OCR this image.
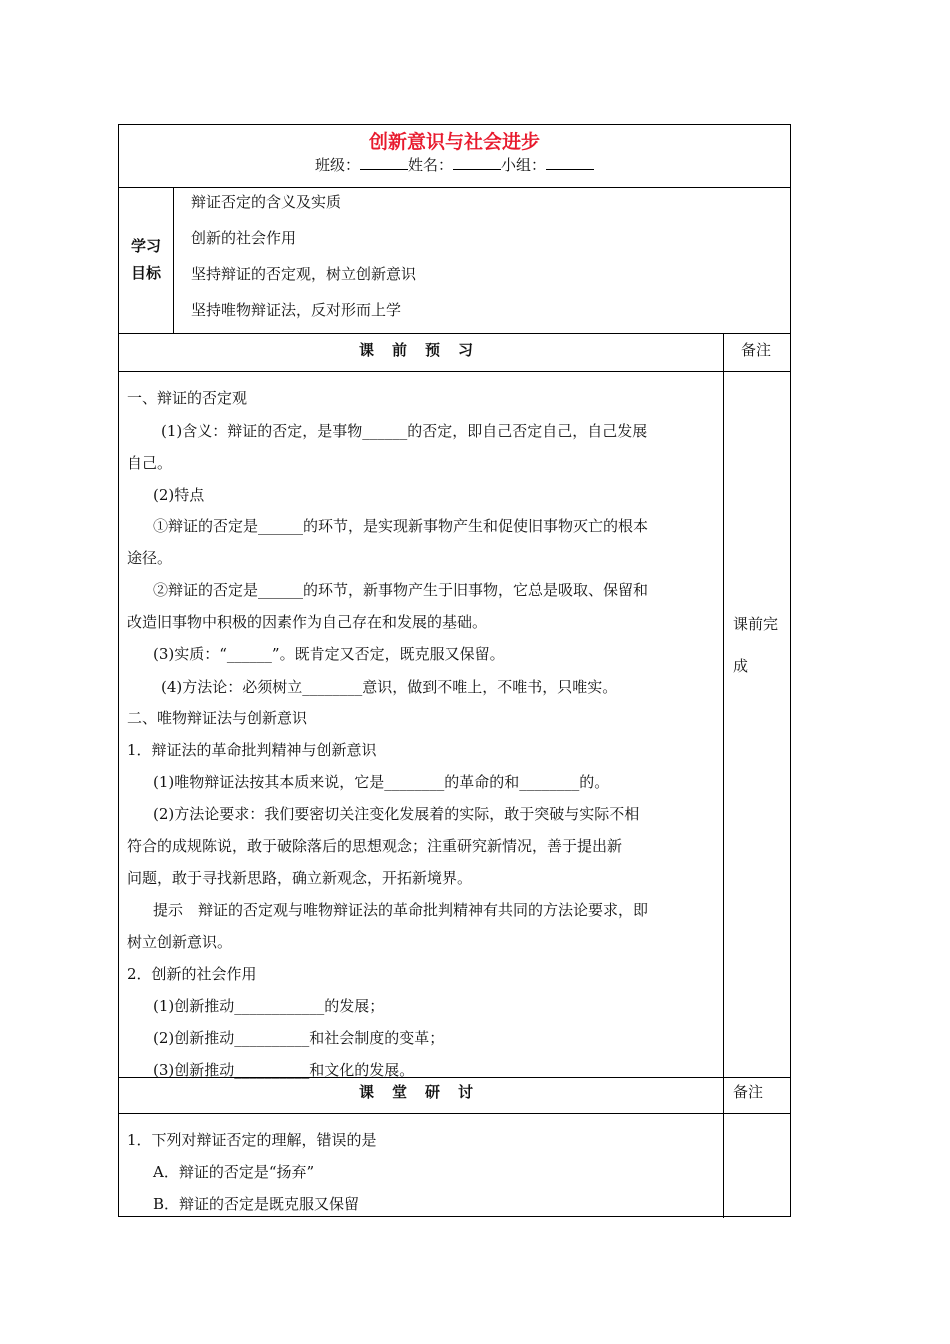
创新意识与社会进步
班级：	姓名：	小组：
学习
目标
辩证否定的含义及实质
创新的社会作用
坚持辩证的否定观，树立创新意识
坚持唯物辩证法，反对形而上学
课前预习	备注
课前完
成
一、辩证的否定观
(1)含义：辩证的否定，是事物______的否定，即自己否定自己，自己发展
自己。
(2)特点
①辩证的否定是______的环节，是实现新事物产生和促使旧事物灭亡的根本
途径。
②辩证的否定是______的环节，新事物产生于旧事物，它总是吸取、保留和
改造旧事物中积极的因素作为自己存在和发展的基础。
(3)实质：“______”。既肯定又否定，既克服又保留。
(4)方法论：必须树立________意识，做到不唯上，不唯书，只唯实。
二、唯物辩证法与创新意识
1．辩证法的革命批判精神与创新意识
(1)唯物辩证法按其本质来说，它是________的革命的和________的。
(2)方法论要求：我们要密切关注变化发展着的实际，敢于突破与实际不相
符合的成规陈说，敢于破除落后的思想观念；注重研究新情况，善于提出新
问题，敢于寻找新思路，确立新观念，开拓新境界。
提示　辩证的否定观与唯物辩证法的革命批判精神有共同的方法论要求，即
树立创新意识。
2．创新的社会作用
(1)创新推动____________的发展；
(2)创新推动__________和社会制度的变革；
(3)创新推动__________和文化的发展。
课堂研讨	备注
1．下列对辩证否定的理解，错误的是
A．辩证的否定是“扬弃”
B．辩证的否定是既克服又保留
